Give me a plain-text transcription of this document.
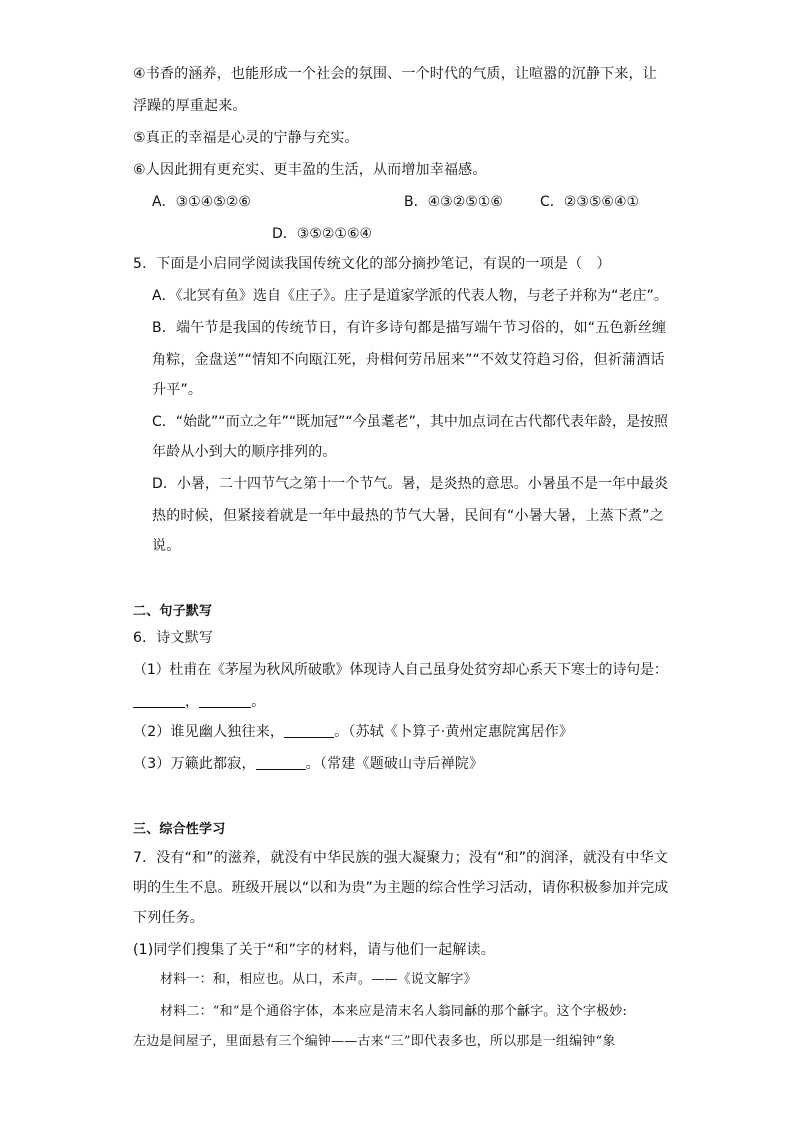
④书香的涵养，也能形成一个社会的氛围、一个时代的气质，让喧嚣的沉静下来，让
浮躁的厚重起来。
⑤真正的幸福是心灵的宁静与充实。
⑥人因此拥有更充实、更丰盈的生活，从而增加幸福感。
A．③①④⑤②⑥	B．④③②⑤①⑥	C．②③⑤⑥④①
D．③⑤②①⑥④
5．下面是小启同学阅读我国传统文化的部分摘抄笔记，有误的一项是（　）
A．《北冥有鱼》选自《庄子》。庄子是道家学派的代表人物，与老子并称为“老庄”。
B．端午节是我国的传统节日，有许多诗句都是描写端午节习俗的，如“五色新丝缠
角粽，金盘送”“情知不向瓯江死，舟楫何劳吊屈来”“不效艾符趋习俗，但祈蒲酒话
升平”。
C．“始龀”“而立之年”“既加冠”“今虽耄老”，其中加点词在古代都代表年龄，是按照
年龄从小到大的顺序排列的。
D．小暑，二十四节气之第十一个节气。暑，是炎热的意思。小暑虽不是一年中最炎
热的时候，但紧接着就是一年中最热的节气大暑，民间有“小暑大暑，上蒸下煮”之
说。
二、句子默写
6．诗文默写
（1）杜甫在《茅屋为秋风所破歌》体现诗人自己虽身处贫穷却心系天下寒士的诗句是：
，	。
（2）谁见幽人独往来，	。（苏轼《卜算子·黄州定惠院寓居作》
（3）万籁此都寂，	。（常建《题破山寺后禅院》
三、综合性学习
7．没有“和”的滋养，就没有中华民族的强大凝聚力；没有“和”的润泽，就没有中华文
明的生生不息。班级开展以“以和为贵”为主题的综合性学习活动，请你积极参加并完成
下列任务。
(1)同学们搜集了关于“和”字的材料，请与他们一起解读。
材料一：和，相应也。从口，禾声。——《说文解字》
材料二：“和”是个通俗字体，本来应是清末名人翁同龢的那个龢字。这个字极妙:
左边是间屋子，里面悬有三个编钟——古来“三”即代表多也，所以那是一组编钟“象
